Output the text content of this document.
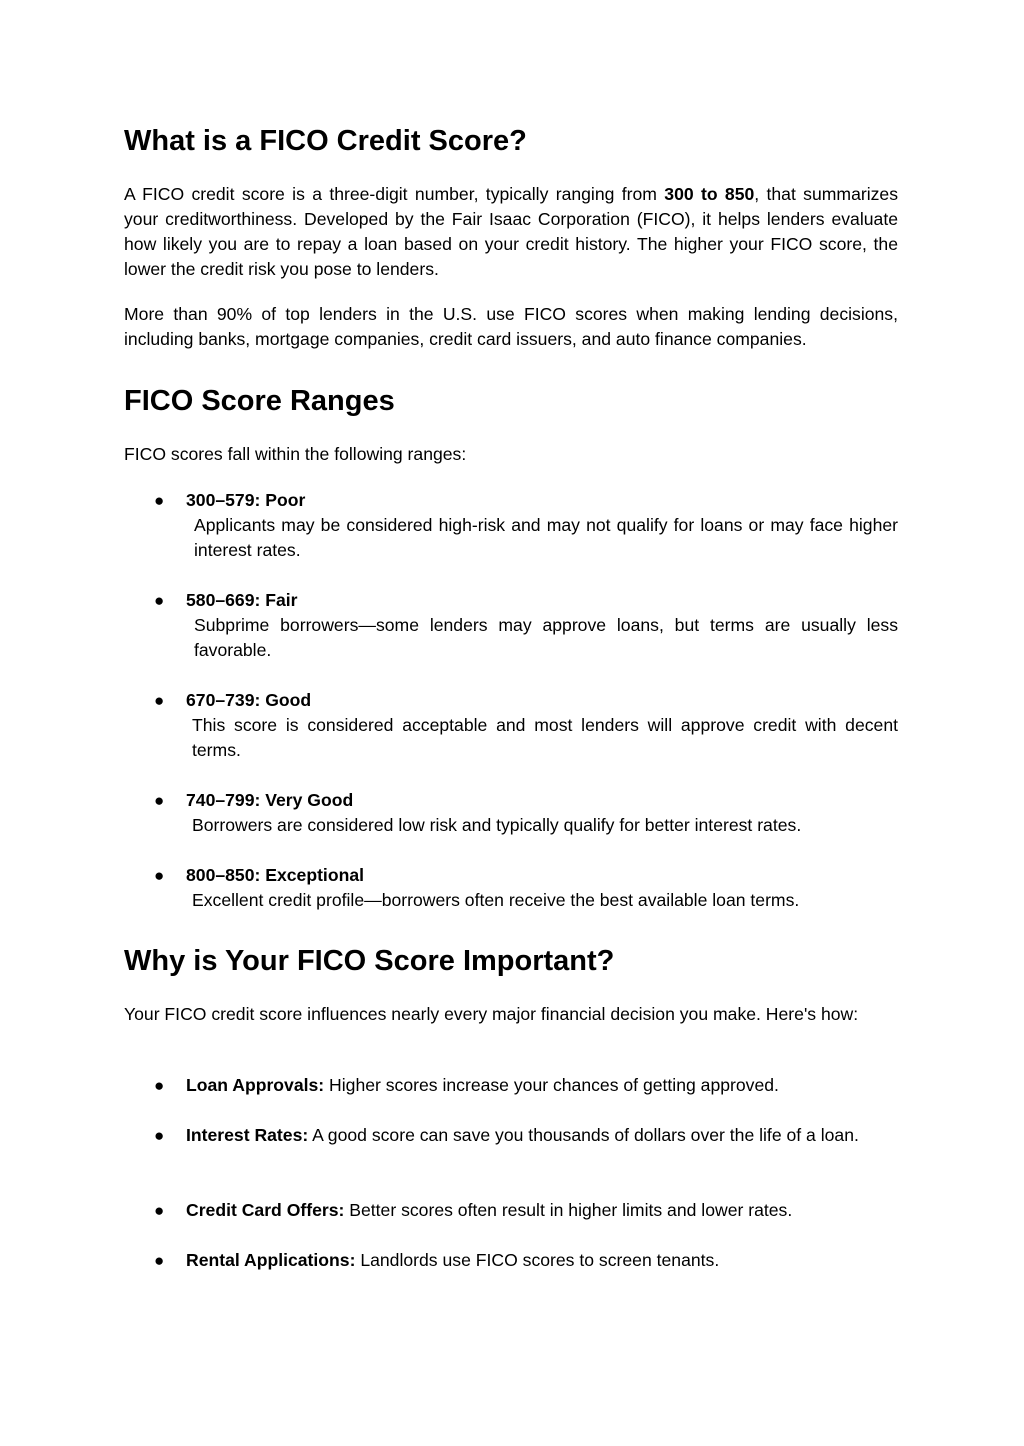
What is a FICO Credit Score?

A FICO credit score is a three-digit number, typically ranging from 300 to 850, that summarizes your creditworthiness. Developed by the Fair Isaac Corporation (FICO), it helps lenders evaluate how likely you are to repay a loan based on your credit history. The higher your FICO score, the lower the credit risk you pose to lenders.

More than 90% of top lenders in the U.S. use FICO scores when making lending decisions, including banks, mortgage companies, credit card issuers, and auto finance companies.

FICO Score Ranges

FICO scores fall within the following ranges:

● 300–579: Poor
Applicants may be considered high-risk and may not qualify for loans or may face higher interest rates.
● 580–669: Fair
Subprime borrowers—some lenders may approve loans, but terms are usually less favorable.
● 670–739: Good
This score is considered acceptable and most lenders will approve credit with decent terms.
● 740–799: Very Good
Borrowers are considered low risk and typically qualify for better interest rates.
● 800–850: Exceptional
Excellent credit profile—borrowers often receive the best available loan terms.
Why is Your FICO Score Important?

Your FICO credit score influences nearly every major financial decision you make. Here's how:

● Loan Approvals: Higher scores increase your chances of getting approved.
● Interest Rates: A good score can save you thousands of dollars over the life of a loan.
● Credit Card Offers: Better scores often result in higher limits and lower rates.
● Rental Applications: Landlords use FICO scores to screen tenants.
